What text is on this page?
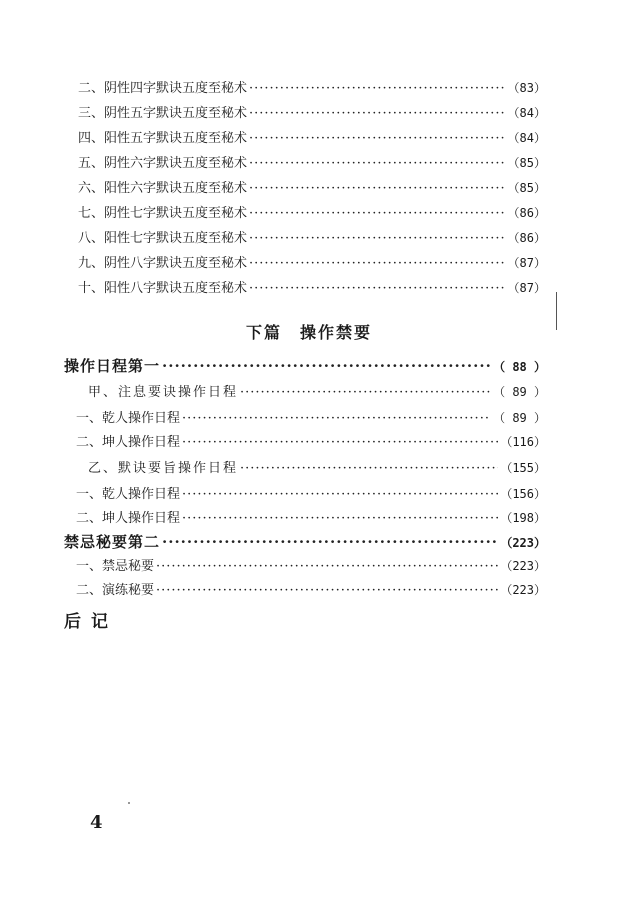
二、阴性四字默诀五度至秘术 ·····	（83）
三、阴性五字默诀五度至秘术 ·····	（84）
四、阳性五字默诀五度至秘术 ·····	（84）
五、阴性六字默诀五度至秘术 ·····	（85）
六、阳性六字默诀五度至秘术 ·····	（85）
七、阴性七字默诀五度至秘术 ·····	（86）
八、阳性七字默诀五度至秘术 ·····	（86）
九、阴性八字默诀五度至秘术 ·····	（87）
十、阳性八字默诀五度至秘术 ·····	（87）
下篇　操作禁要
操作日程第一 ·····	（ 88 ）
甲、注息要诀操作日程 ·····	（ 89 ）
一、乾人操作日程 ·····	（ 89 ）
二、坤人操作日程 ·····	（116）
乙、默诀要旨操作日程 ·····	（155）
一、乾人操作日程 ·····	（156）
二、坤人操作日程 ·····	（198）
禁忌秘要第二 ·····	（223）
一、禁忌秘要 ·····	（223）
二、演练秘要 ·····	（223）
后记
4
